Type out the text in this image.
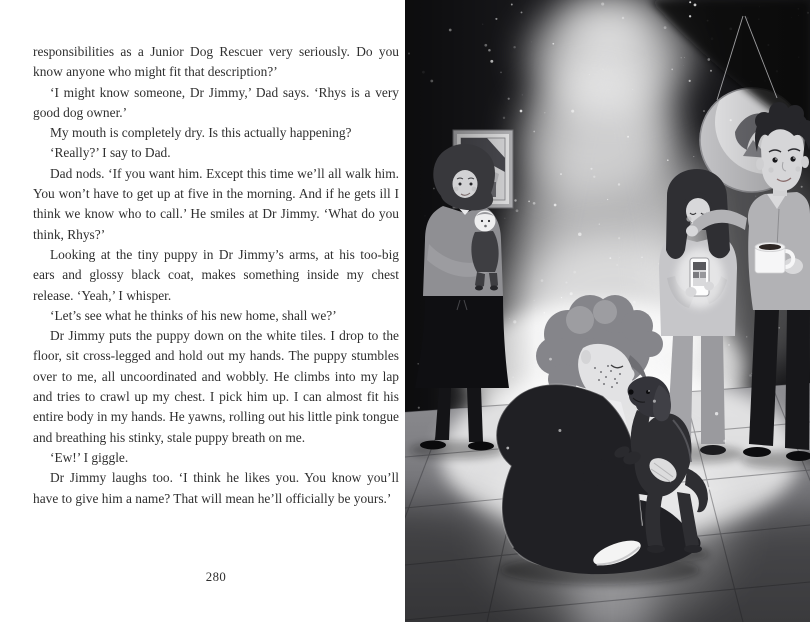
responsibilities as a Junior Dog Rescuer very seriously. Do you know anyone who might fit that description?’

‘I might know someone, Dr Jimmy,’ Dad says. ‘Rhys is a very good dog owner.’

My mouth is completely dry. Is this actually happening?

‘Really?’ I say to Dad.

Dad nods. ‘If you want him. Except this time we’ll all walk him. You won’t have to get up at five in the morning. And if he gets ill I think we know who to call.’ He smiles at Dr Jimmy. ‘What do you think, Rhys?’

Looking at the tiny puppy in Dr Jimmy’s arms, at his too-big ears and glossy black coat, makes something inside my chest release. ‘Yeah,’ I whisper.

‘Let’s see what he thinks of his new home, shall we?’

Dr Jimmy puts the puppy down on the white tiles. I drop to the floor, sit cross-legged and hold out my hands. The puppy stumbles over to me, all uncoordinated and wobbly. He climbs into my lap and tries to crawl up my chest. I pick him up. I can almost fit his entire body in my hands. He yawns, rolling out his little pink tongue and breathing his stinky, stale puppy breath on me.

‘Ew!’ I giggle.

Dr Jimmy laughs too. ‘I think he likes you. You know you’ll have to give him a name? That will mean he’ll officially be yours.’

280
